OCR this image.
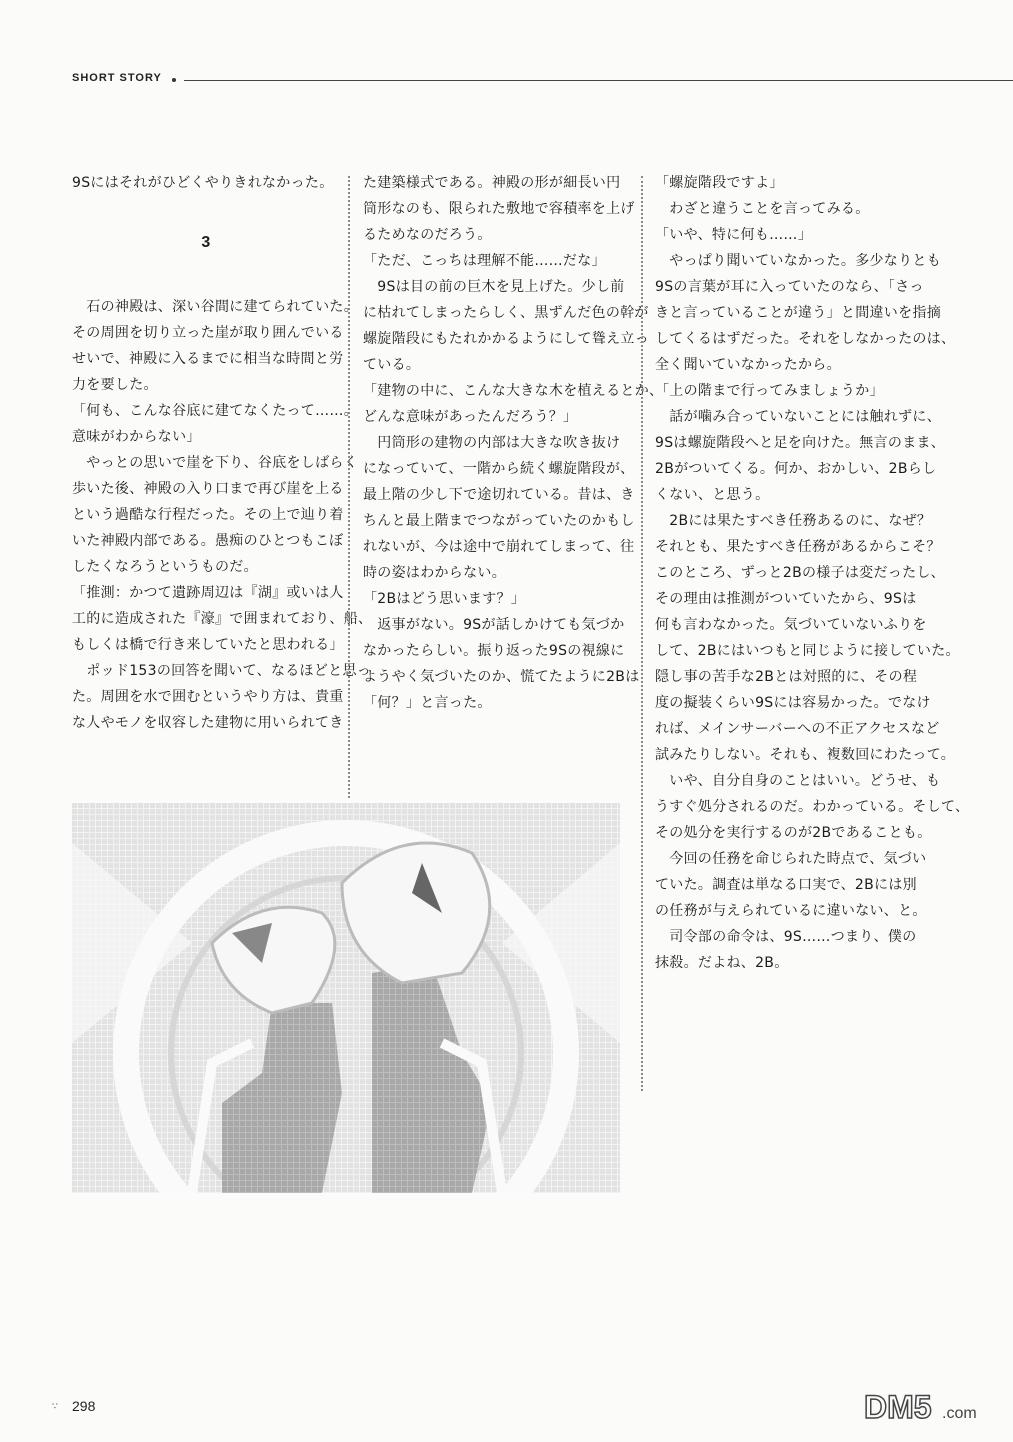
SHORT STORY

9Sにはそれがひどくやりきれなかった。

3

　石の神殿は、深い谷間に建てられていた。

その周囲を切り立った崖が取り囲んでいる

せいで、神殿に入るまでに相当な時間と労

力を要した。

「何も、こんな谷底に建てなくたって……。

意味がわからない」

　やっとの思いで崖を下り、谷底をしばらく

歩いた後、神殿の入り口まで再び崖を上る

という過酷な行程だった。その上で辿り着

いた神殿内部である。愚痴のひとつもこぼ

したくなろうというものだ。

「推測：かつて遺跡周辺は『湖』或いは人

工的に造成された『濠』で囲まれており、船、

もしくは橋で行き来していたと思われる」

　ポッド153の回答を聞いて、なるほどと思っ

た。周囲を水で囲むというやり方は、貴重

な人やモノを収容した建物に用いられてき

た建築様式である。神殿の形が細長い円

筒形なのも、限られた敷地で容積率を上げ

るためなのだろう。

「ただ、こっちは理解不能……だな」

　9Sは目の前の巨木を見上げた。少し前

に枯れてしまったらしく、黒ずんだ色の幹が

螺旋階段にもたれかかるようにして聳え立っ

ている。

「建物の中に、こんな大きな木を植えるとか、

どんな意味があったんだろう？」

　円筒形の建物の内部は大きな吹き抜け

になっていて、一階から続く螺旋階段が、

最上階の少し下で途切れている。昔は、き

ちんと最上階までつながっていたのかもし

れないが、今は途中で崩れてしまって、往

時の姿はわからない。

「2Bはどう思います？」

　返事がない。9Sが話しかけても気づか

なかったらしい。振り返った9Sの視線に

ようやく気づいたのか、慌てたように2Bは

「何？」と言った。

「螺旋階段ですよ」

　わざと違うことを言ってみる。

「いや、特に何も……」

　やっぱり聞いていなかった。多少なりとも

9Sの言葉が耳に入っていたのなら、「さっ

きと言っていることが違う」と間違いを指摘

してくるはずだった。それをしなかったのは、

全く聞いていなかったから。

「上の階まで行ってみましょうか」

　話が噛み合っていないことには触れずに、

9Sは螺旋階段へと足を向けた。無言のまま、

2Bがついてくる。何か、おかしい、2Bらし

くない、と思う。

　2Bには果たすべき任務あるのに、なぜ？

それとも、果たすべき任務があるからこそ？

このところ、ずっと2Bの様子は変だったし、

その理由は推測がついていたから、9Sは

何も言わなかった。気づいていないふりを

して、2Bにはいつもと同じように接していた。

隠し事の苦手な2Bとは対照的に、その程

度の擬装くらい9Sには容易かった。でなけ

れば、メインサーバーへの不正アクセスなど

試みたりしない。それも、複数回にわたって。

　いや、自分自身のことはいい。どうせ、も

うすぐ処分されるのだ。わかっている。そして、

その処分を実行するのが2Bであることも。

　今回の任務を命じられた時点で、気づい

ていた。調査は単なる口実で、2Bには別

の任務が与えられているに違いない、と。

　司令部の命令は、9S……つまり、僕の

抹殺。だよね、2B。

∵ 298	DM5 .com
